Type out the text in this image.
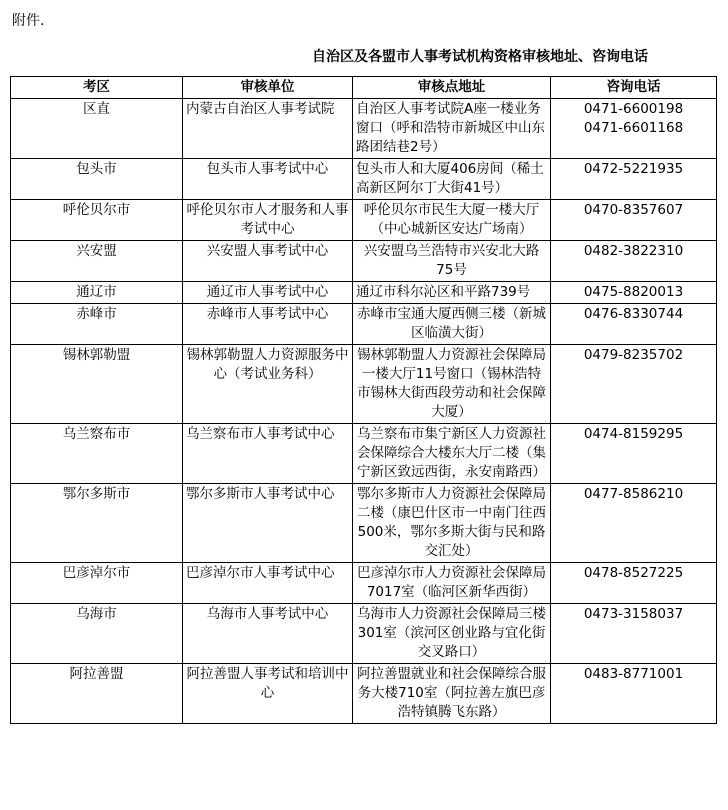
附件.
自治区及各盟市人事考试机构资格审核地址、咨询电话
考区	审核单位	审核点地址	咨询电话
区直	内蒙古自治区人事考试院	自治区人事考试院A座一楼业务窗口（呼和浩特市新城区中山东路团结巷2号）	0471-6600198
0471-6601168
包头市	包头市人事考试中心	包头市人和大厦406房间（稀土高新区阿尔丁大街41号）	0472-5221935
呼伦贝尔市	呼伦贝尔市人才服务和人事考试中心	呼伦贝尔市民生大厦一楼大厅（中心城新区安达广场南）	0470-8357607
兴安盟	兴安盟人事考试中心	兴安盟乌兰浩特市兴安北大路75号	0482-3822310
通辽市	通辽市人事考试中心	通辽市科尔沁区和平路739号	0475-8820013
赤峰市	赤峰市人事考试中心	赤峰市宝通大厦西侧三楼（新城区临潢大街）	0476-8330744
锡林郭勒盟	锡林郭勒盟人力资源服务中心（考试业务科）	锡林郭勒盟人力资源社会保障局一楼大厅11号窗口（锡林浩特市锡林大街西段劳动和社会保障大厦）	0479-8235702
乌兰察布市	乌兰察布市人事考试中心	乌兰察布市集宁新区人力资源社会保障综合大楼东大厅二楼（集宁新区致远西街，永安南路西）	0474-8159295
鄂尔多斯市	鄂尔多斯市人事考试中心	鄂尔多斯市人力资源社会保障局二楼（康巴什区市一中南门往西500米，鄂尔多斯大街与民和路交汇处）	0477-8586210
巴彦淖尔市	巴彦淖尔市人事考试中心	巴彦淖尔市人力资源社会保障局7017室（临河区新华西街）	0478-8527225
乌海市	乌海市人事考试中心	乌海市人力资源社会保障局三楼301室（滨河区创业路与宜化街交叉路口）	0473-3158037
阿拉善盟	阿拉善盟人事考试和培训中心	阿拉善盟就业和社会保障综合服务大楼710室（阿拉善左旗巴彦浩特镇腾飞东路）	0483-8771001
